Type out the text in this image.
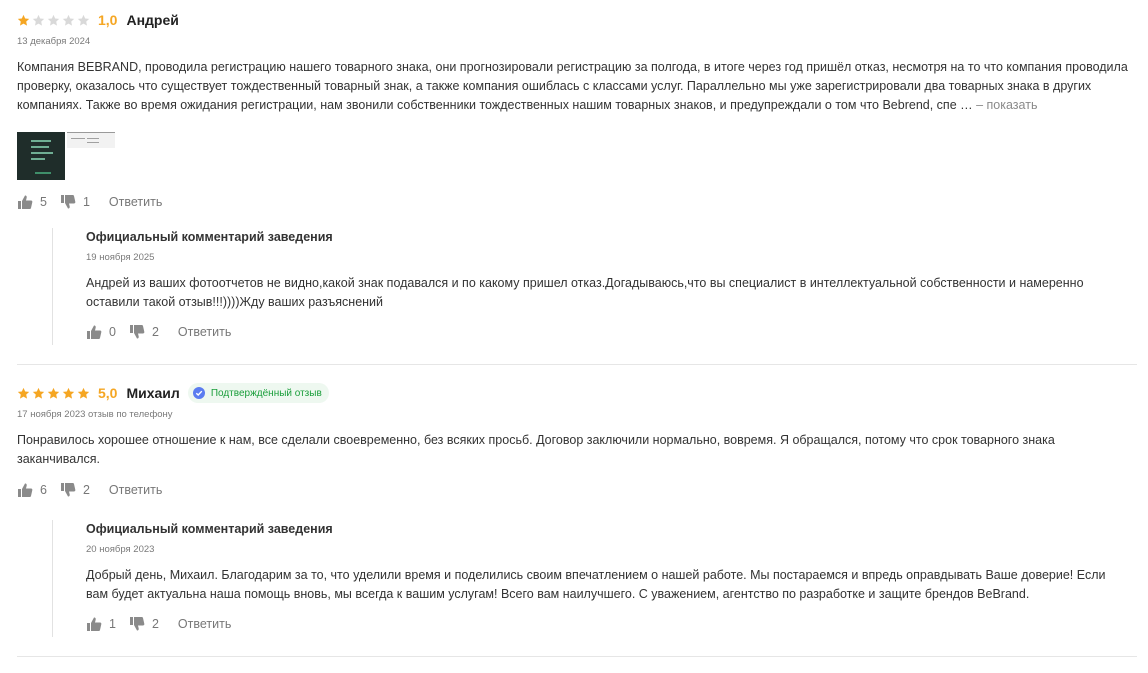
1,0 Андрей
13 декабря 2024
Компания BEBRAND, проводила регистрацию нашего товарного знака, они прогнозировали регистрацию за полгода, в итоге через год пришёл отказ, несмотря на то что компания проводила проверку, оказалось что существует тождественный товарный знак, а также компания ошиблась с классами услуг. Параллельно мы уже зарегистрировали два товарных знака в других компаниях. Также во время ожидания регистрации, нам звонили собственники тождественных нашим товарных знаков, и предупреждали о том что Bebrend, спе … – показать
5	1 Ответить
Официальный комментарий заведения
19 ноября 2025
Андрей из ваших фотоотчетов не видно,какой знак подавался и по какому пришел отказ.Догадываюсь,что вы специалист в интеллектуальной собственности и намеренно оставили такой отзыв!!!))))Жду ваших разъяснений
0	2 Ответить
5,0 Михаил	Подтверждённый отзыв
17 ноября 2023 отзыв по телефону
Понравилось хорошее отношение к нам, все сделали своевременно, без всяких просьб. Договор заключили нормально, вовремя. Я обращался, потому что срок товарного знака заканчивался.
6	2 Ответить
Официальный комментарий заведения
20 ноября 2023
Добрый день, Михаил. Благодарим за то, что уделили время и поделились своим впечатлением о нашей работе. Мы постараемся и впредь оправдывать Ваше доверие! Если вам будет актуальна наша помощь вновь, мы всегда к вашим услугам! Всего вам наилучшего. С уважением, агентство по разработке и защите брендов BeBrand.
1	2 Ответить
